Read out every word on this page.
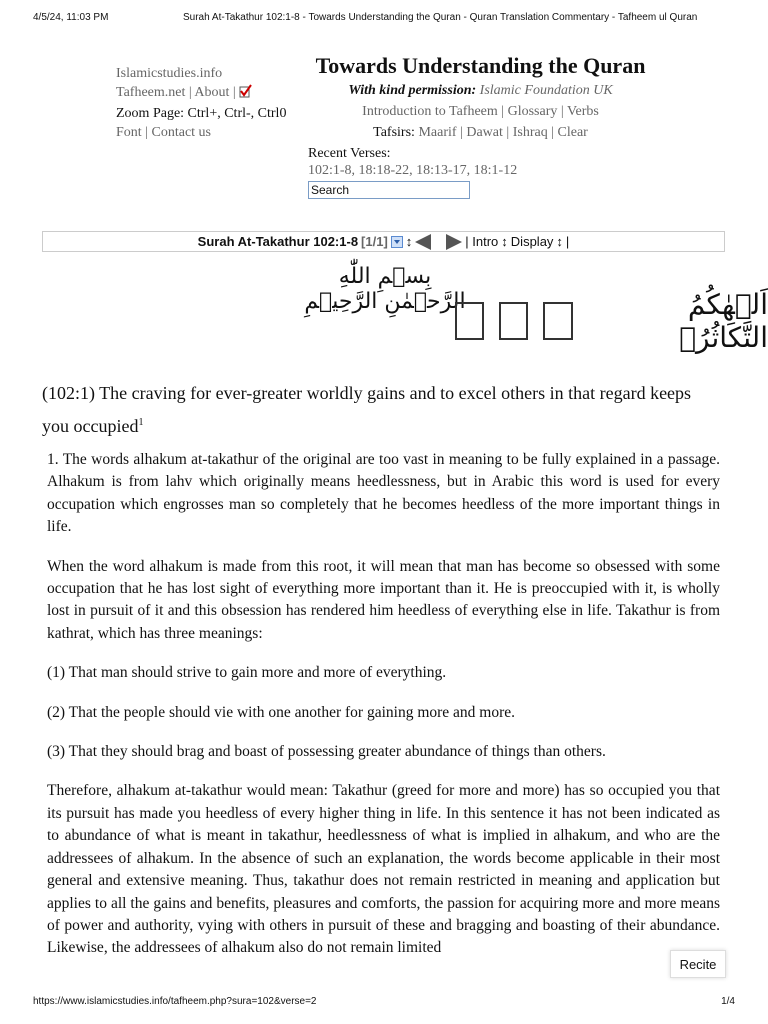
4/5/24, 11:03 PM	Surah At-Takathur 102:1-8 - Towards Understanding the Quran - Quran Translation Commentary - Tafheem ul Quran
Islamicstudies.info
Tafheem.net | About |
Zoom Page: Ctrl+, Ctrl-, Ctrl0
Font | Contact us
Towards Understanding the Quran
With kind permission: Islamic Foundation UK
Introduction to Tafheem | Glossary | Verbs
Tafsirs: Maarif | Dawat | Ishraq | Clear
Recent Verses:
102:1-8, 18:18-22, 18:13-17, 18:1-12
Search
Surah At-Takathur 102:1-8 [1/1] ↕	| Intro ↕ Display ↕ |
بِسۡمِ اللّٰهِ الرَّحۡمٰنِ الرَّحِيۡمِ	اَلۡهٰكُمُ التَّكَاثُرُۙ
(102:1) The craving for ever-greater worldly gains and to excel others in that regard keeps you occupied$^1$

1. The words alhakum at-takathur of the original are too vast in meaning to be fully explained in a passage. Alhakum is from lahv which originally means heedlessness, but in Arabic this word is used for every occupation which engrosses man so completely that he becomes heedless of the more important things in life.

When the word alhakum is made from this root, it will mean that man has become so obsessed with some occupation that he has lost sight of everything more important than it. He is preoccupied with it, is wholly lost in pursuit of it and this obsession has rendered him heedless of everything else in life. Takathur is from kathrat, which has three meanings:

(1) That man should strive to gain more and more of everything.

(2) That the people should vie with one another for gaining more and more.

(3) That they should brag and boast of possessing greater abundance of things than others.

Therefore, alhakum at-takathur would mean: Takathur (greed for more and more) has so occupied you that its pursuit has made you heedless of every higher thing in life. In this sentence it has not been indicated as to abundance of what is meant in takathur, heedlessness of what is implied in alhakum, and who are the addressees of alhakum. In the absence of such an explanation, the words become applicable in their most general and extensive meaning. Thus, takathur does not remain restricted in meaning and application but applies to all the gains and benefits, pleasures and comforts, the passion for acquiring more and more means of power and authority, vying with others in pursuit of these and bragging and boasting of their abundance. Likewise, the addressees of alhakum also do not remain limited

Recite
https://www.islamicstudies.info/tafheem.php?sura=102&verse=2	1/4
